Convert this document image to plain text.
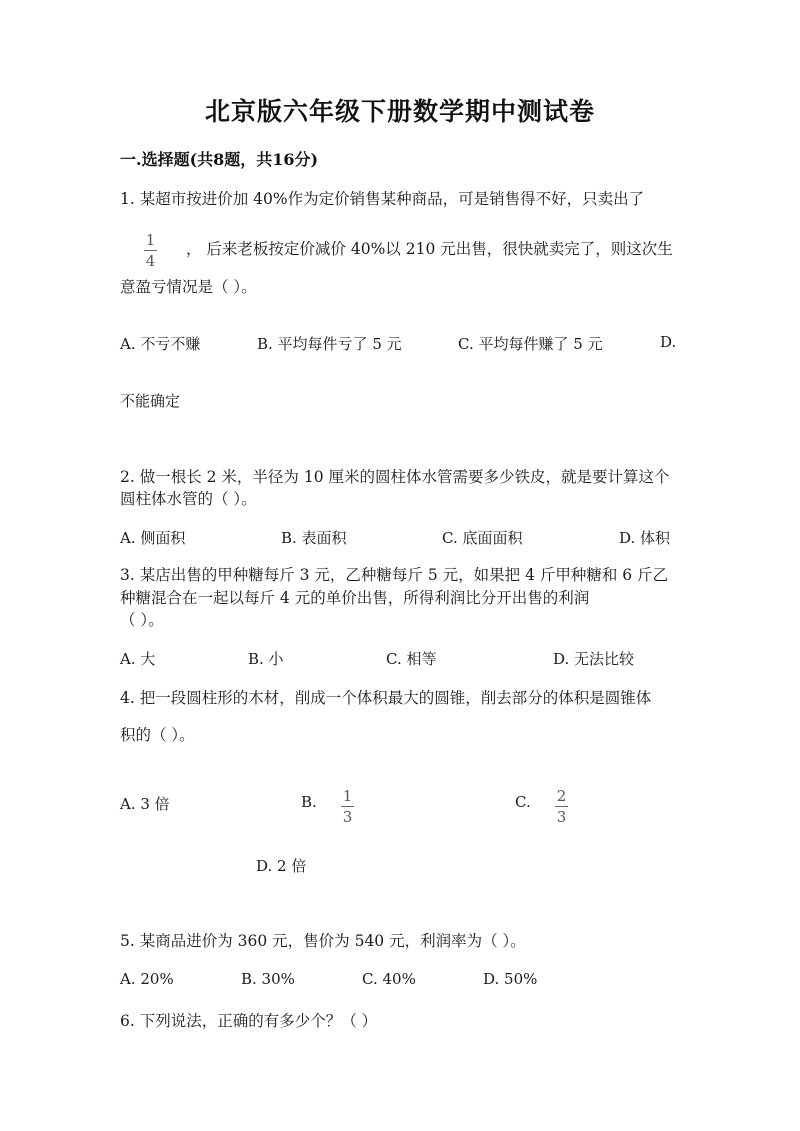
北京版六年级下册数学期中测试卷
一.选择题(共8题，共16分)
1. 某超市按进价加 40%作为定价销售某种商品，可是销售得不好，只卖出了
1
4
， 后来老板按定价减价 40%以 210 元出售，很快就卖完了，则这次生
意盈亏情况是（ ）。
A. 不亏不赚	B. 平均每件亏了 5 元	C. 平均每件赚了 5 元	D.
不能确定
2. 做一根长 2 米，半径为 10 厘米的圆柱体水管需要多少铁皮，就是要计算这个
圆柱体水管的（ ）。
A. 侧面积	B. 表面积	C. 底面面积	D. 体积
3. 某店出售的甲种糖每斤 3 元，乙种糖每斤 5 元，如果把 4 斤甲种糖和 6 斤乙
种糖混合在一起以每斤 4 元的单价出售，所得利润比分开出售的利润
（ ）。
A. 大	B. 小	C. 相等	D. 无法比较
4. 把一段圆柱形的木材，削成一个体积最大的圆锥，削去部分的体积是圆锥体
积的（ ）。
A. 3 倍	B. 1
3
C. 2
3
D. 2 倍
5. 某商品进价为 360 元，售价为 540 元，利润率为（ ）。
A. 20%	B. 30%	C. 40%	D. 50%
6. 下列说法，正确的有多少个？（ ）
